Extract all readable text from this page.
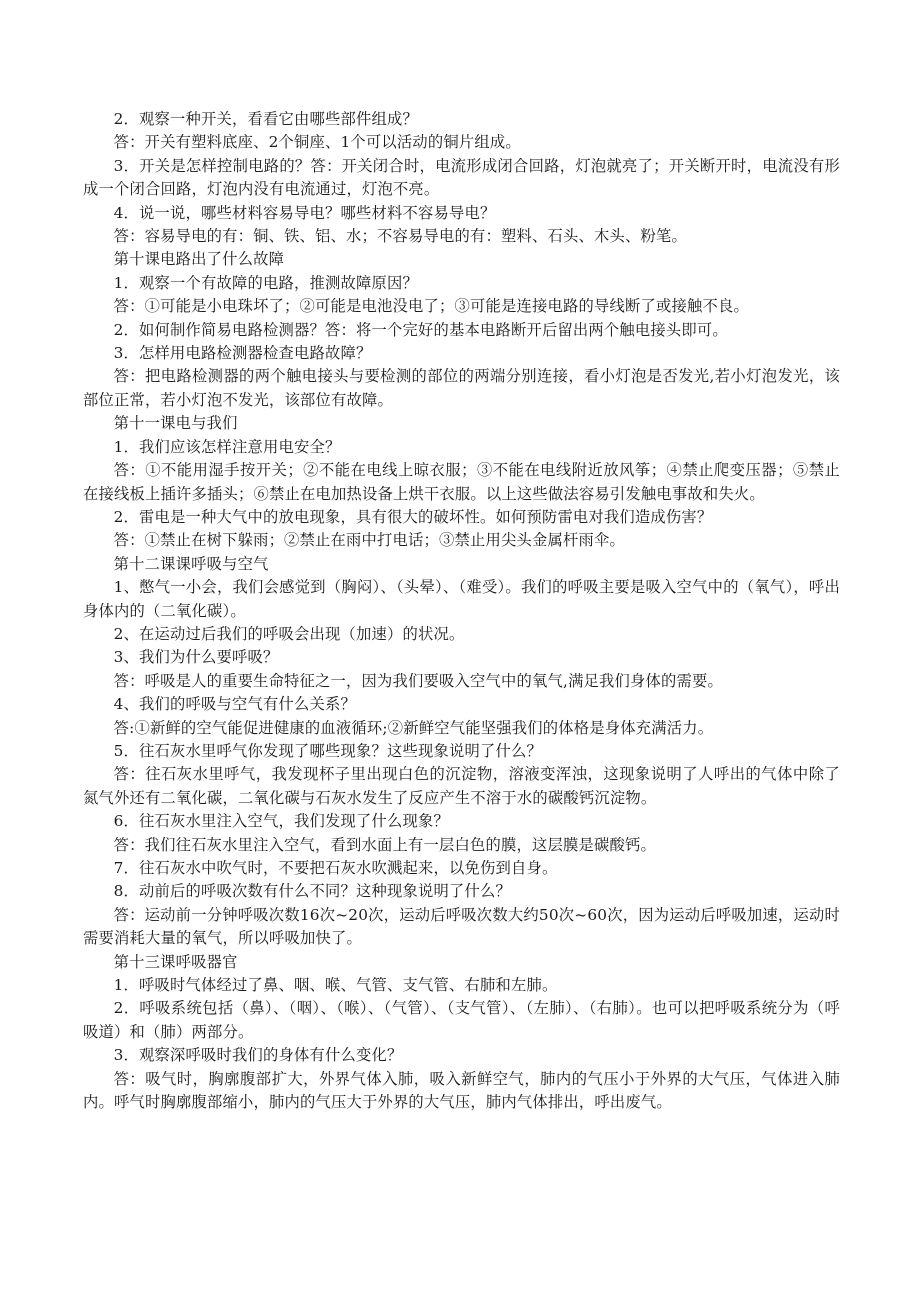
2．观察一种开关，看看它由哪些部件组成？

答：开关有塑料底座、2个铜座、1个可以活动的铜片组成。

3．开关是怎样控制电路的？答：开关闭合时，电流形成闭合回路，灯泡就亮了；开关断开时，电流没有形成一个闭合回路，灯泡内没有电流通过，灯泡不亮。

4．说一说，哪些材料容易导电？哪些材料不容易导电？

答：容易导电的有：铜、铁、铝、水；不容易导电的有：塑料、石头、木头、粉笔。

第十课电路出了什么故障

1．观察一个有故障的电路，推测故障原因？

答：①可能是小电珠坏了；②可能是电池没电了；③可能是连接电路的导线断了或接触不良。

2．如何制作简易电路检测器？答：将一个完好的基本电路断开后留出两个触电接头即可。

3．怎样用电路检测器检查电路故障？

答：把电路检测器的两个触电接头与要检测的部位的两端分别连接，看小灯泡是否发光,若小灯泡发光，该部位正常，若小灯泡不发光，该部位有故障。

第十一课电与我们

1．我们应该怎样注意用电安全？

答：①不能用湿手按开关；②不能在电线上晾衣服；③不能在电线附近放风筝；④禁止爬变压器；⑤禁止在接线板上插许多插头；⑥禁止在电加热设备上烘干衣服。以上这些做法容易引发触电事故和失火。

2．雷电是一种大气中的放电现象，具有很大的破坏性。如何预防雷电对我们造成伤害？

答：①禁止在树下躲雨；②禁止在雨中打电话；③禁止用尖头金属杆雨伞。

第十二课课呼吸与空气

1、憋气一小会，我们会感觉到（胸闷）、（头晕）、（难受）。我们的呼吸主要是吸入空气中的（氧气），呼出身体内的（二氧化碳）。

2、在运动过后我们的呼吸会出现（加速）的状况。

3、我们为什么要呼吸？

答：呼吸是人的重要生命特征之一，因为我们要吸入空气中的氧气,满足我们身体的需要。

4、我们的呼吸与空气有什么关系？

答:①新鲜的空气能促进健康的血液循环;②新鲜空气能坚强我们的体格是身体充满活力。

5．往石灰水里呼气你发现了哪些现象？这些现象说明了什么？

答：往石灰水里呼气，我发现杯子里出现白色的沉淀物，溶液变浑浊，这现象说明了人呼出的气体中除了氮气外还有二氧化碳，二氧化碳与石灰水发生了反应产生不溶于水的碳酸钙沉淀物。

6．往石灰水里注入空气，我们发现了什么现象？

答：我们往石灰水里注入空气，看到水面上有一层白色的膜，这层膜是碳酸钙。

7．往石灰水中吹气时，不要把石灰水吹溅起来，以免伤到自身。

8．动前后的呼吸次数有什么不同？这种现象说明了什么？

答：运动前一分钟呼吸次数16次~20次，运动后呼吸次数大约50次~60次，因为运动后呼吸加速，运动时需要消耗大量的氧气，所以呼吸加快了。

第十三课呼吸器官

1．呼吸时气体经过了鼻、咽、喉、气管、支气管、右肺和左肺。

2．呼吸系统包括（鼻）、（咽）、（喉）、（气管）、（支气管）、（左肺）、（右肺）。也可以把呼吸系统分为（呼吸道）和（肺）两部分。

3．观察深呼吸时我们的身体有什么变化？

答：吸气时，胸廓腹部扩大，外界气体入肺，吸入新鲜空气，肺内的气压小于外界的大气压，气体进入肺内。呼气时胸廓腹部缩小，肺内的气压大于外界的大气压，肺内气体排出，呼出废气。
